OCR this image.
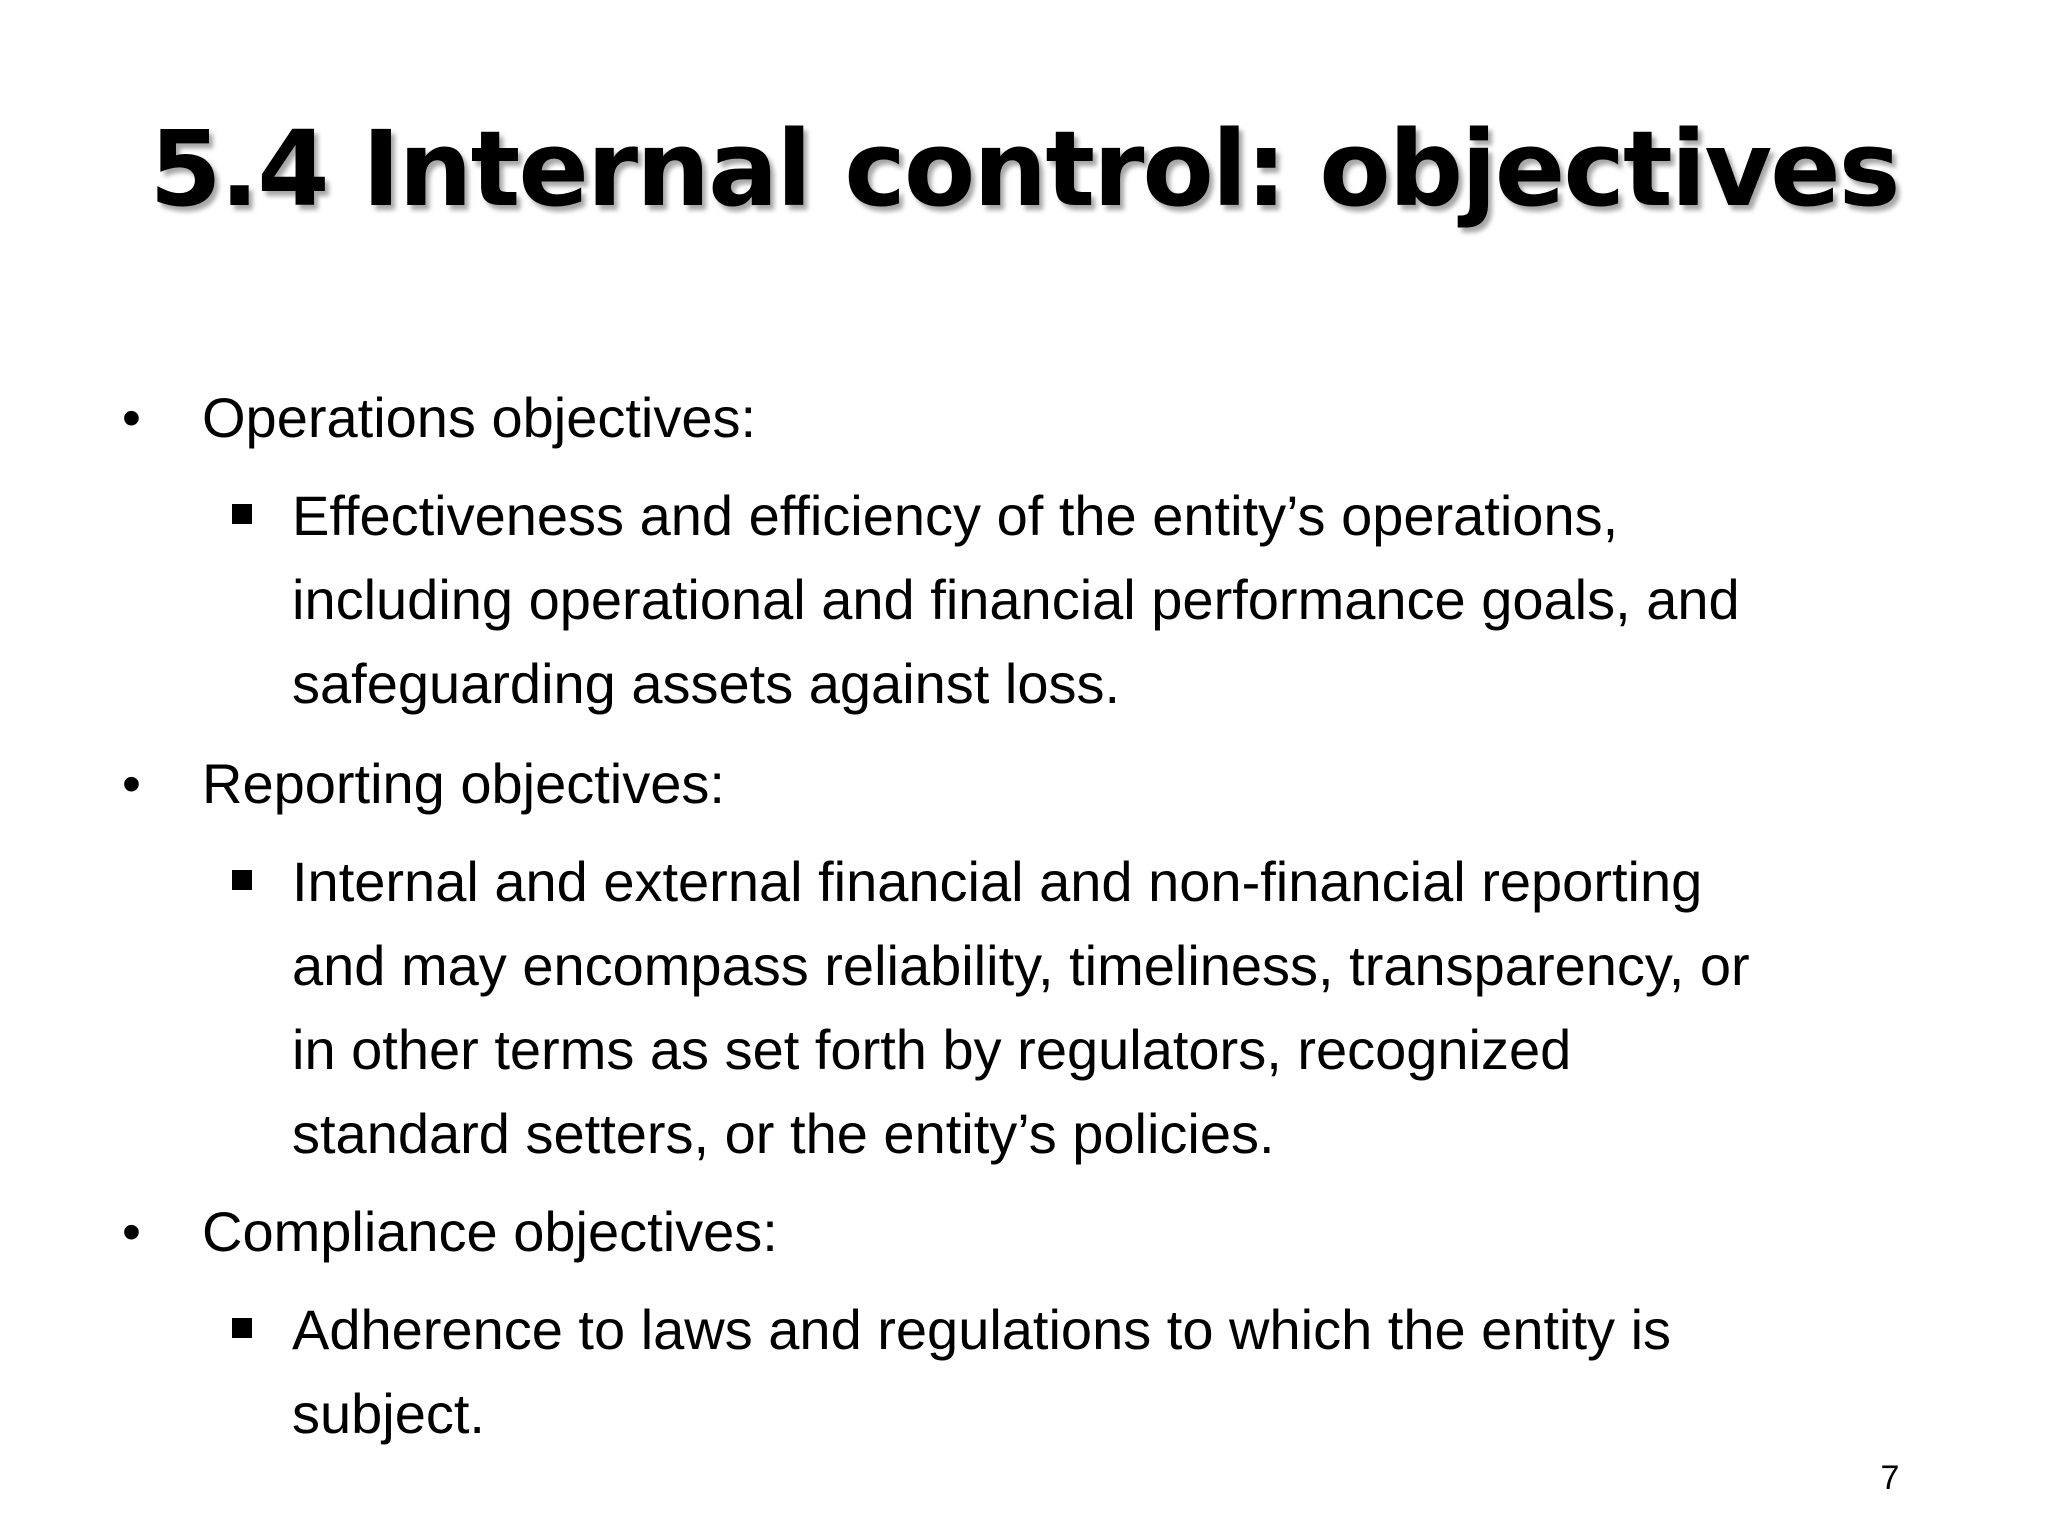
5.4 Internal control: objectives
• Operations objectives:
Effectiveness and efficiency of the entity’s operations,
including operational and financial performance goals, and
safeguarding assets against loss.
• Reporting objectives:
Internal and external financial and non-financial reporting
and may encompass reliability, timeliness, transparency, or
in other terms as set forth by regulators, recognized
standard setters, or the entity’s policies.
• Compliance objectives:
Adherence to laws and regulations to which the entity is
subject.
7
